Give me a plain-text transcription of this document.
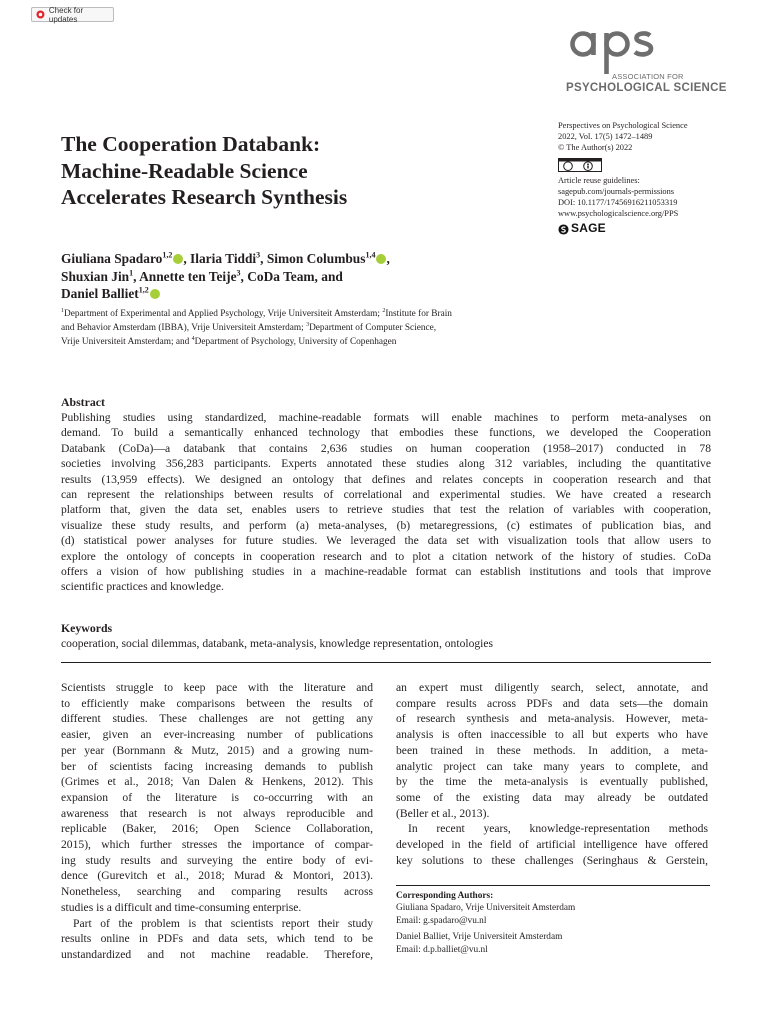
Check for updates
ASSOCIATION FOR
PSYCHOLOGICAL SCIENCE
Perspectives on Psychological Science
2022, Vol. 17(5) 1472–1489
© The Author(s) 2022
Article reuse guidelines:
sagepub.com/journals-permissions
DOI: 10.1177/17456916211053319
www.psychologicalscience.org/PPS
SAGE
The Cooperation Databank:
Machine-Readable Science
Accelerates Research Synthesis
Giuliana Spadaro$^{1,2}$ , Ilaria Tiddi$^3$, Simon Columbus$^{1,4}$ ,
Shuxian Jin$^1$, Annette ten Teije$^3$, CoDa Team, and
Daniel Balliet$^{1,2}$
$^1$Department of Experimental and Applied Psychology, Vrije Universiteit Amsterdam; $^2$Institute for Brain
and Behavior Amsterdam (IBBA), Vrije Universiteit Amsterdam; $^3$Department of Computer Science,
Vrije Universiteit Amsterdam; and $^4$Department of Psychology, University of Copenhagen
Abstract
Publishing studies using standardized, machine-readable formats will enable machines to perform meta-analyses on
demand. To build a semantically enhanced technology that embodies these functions, we developed the Cooperation
Databank (CoDa)—a databank that contains 2,636 studies on human cooperation (1958–2017) conducted in 78
societies involving 356,283 participants. Experts annotated these studies along 312 variables, including the quantitative
results (13,959 effects). We designed an ontology that defines and relates concepts in cooperation research and that
can represent the relationships between results of correlational and experimental studies. We have created a research
platform that, given the data set, enables users to retrieve studies that test the relation of variables with cooperation,
visualize these study results, and perform (a) meta-analyses, (b) metaregressions, (c) estimates of publication bias, and
(d) statistical power analyses for future studies. We leveraged the data set with visualization tools that allow users to
explore the ontology of concepts in cooperation research and to plot a citation network of the history of studies. CoDa
offers a vision of how publishing studies in a machine-readable format can establish institutions and tools that improve
scientific practices and knowledge.
Keywords
cooperation, social dilemmas, databank, meta-analysis, knowledge representation, ontologies
Scientists struggle to keep pace with the literature and
to efficiently make comparisons between the results of
different studies. These challenges are not getting any
easier, given an ever-increasing number of publications
per year (Bornmann & Mutz, 2015) and a growing num-
ber of scientists facing increasing demands to publish
(Grimes et al., 2018; Van Dalen & Henkens, 2012). This
expansion of the literature is co-occurring with an
awareness that research is not always reproducible and
replicable (Baker, 2016; Open Science Collaboration,
2015), which further stresses the importance of compar-
ing study results and surveying the entire body of evi-
dence (Gurevitch et al., 2018; Murad & Montori, 2013).
Nonetheless, searching and comparing results across
studies is a difficult and time-consuming enterprise.
Part of the problem is that scientists report their study
results online in PDFs and data sets, which tend to be
unstandardized and not machine readable. Therefore,
an expert must diligently search, select, annotate, and
compare results across PDFs and data sets—the domain
of research synthesis and meta-analysis. However, meta-
analysis is often inaccessible to all but experts who have
been trained in these methods. In addition, a meta-
analytic project can take many years to complete, and
by the time the meta-analysis is eventually published,
some of the existing data may already be outdated
(Beller et al., 2013).
In recent years, knowledge-representation methods
developed in the field of artificial intelligence have offered
key solutions to these challenges (Seringhaus & Gerstein,
Corresponding Authors:
Giuliana Spadaro, Vrije Universiteit Amsterdam
Email: g.spadaro@vu.nl
Daniel Balliet, Vrije Universiteit Amsterdam
Email: d.p.balliet@vu.nl
